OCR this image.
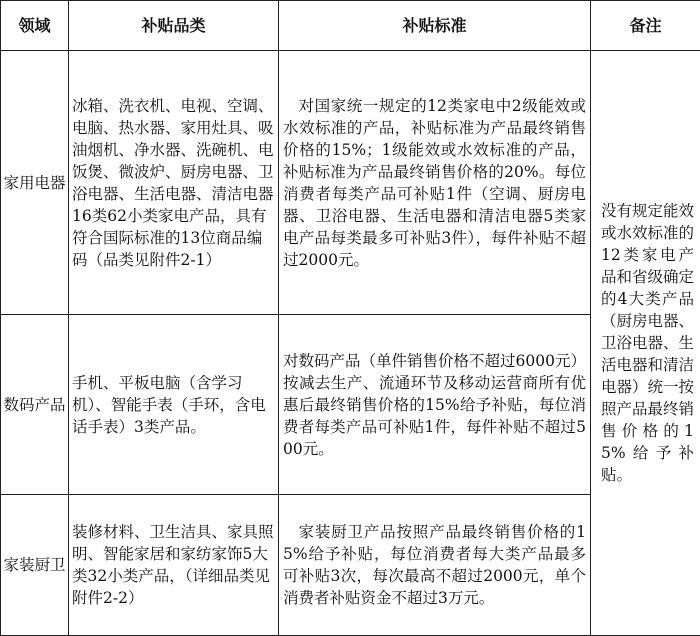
领域	补贴品类	补贴标准	备注
家用电器	冰箱、洗衣机、电视、空调、电脑、热水器、家用灶具、吸油烟机、净水器、洗碗机、电饭煲、微波炉、厨房电器、卫浴电器、生活电器、清洁电器16类62小类家电产品，具有符合国际标准的13位商品编码（品类见附件2-1）	对国家统一规定的12类家电中2级能效或水效标准的产品，补贴标准为产品最终销售价格的15%；1级能效或水效标准的产品，补贴标准为产品最终销售价格的20%。每位消费者每类产品可补贴1件（空调、厨房电器、卫浴电器、生活电器和清洁电器5类家电产品每类最多可补贴3件），每件补贴不超过2000元。	没有规定能效或水效标准的12类家电产品和省级确定的4大类产品（厨房电器、卫浴电器、生活电器和清洁电器）统一按照产品最终销售价格的15%给予补贴。
数码产品	手机、平板电脑（含学习机）、智能手表（手环，含电话手表）3类产品。	对数码产品（单件销售价格不超过6000元）按减去生产、流通环节及移动运营商所有优惠后最终销售价格的15%给予补贴，每位消费者每类产品可补贴1件，每件补贴不超过500元。	
家装厨卫	装修材料、卫生洁具、家具照明、智能家居和家纺家饰5大类32小类产品，（详细品类见附件2-2）	家装厨卫产品按照产品最终销售价格的15%给予补贴，每位消费者每大类产品最多可补贴3次，每次最高不超过2000元，单个消费者补贴资金不超过3万元。	
